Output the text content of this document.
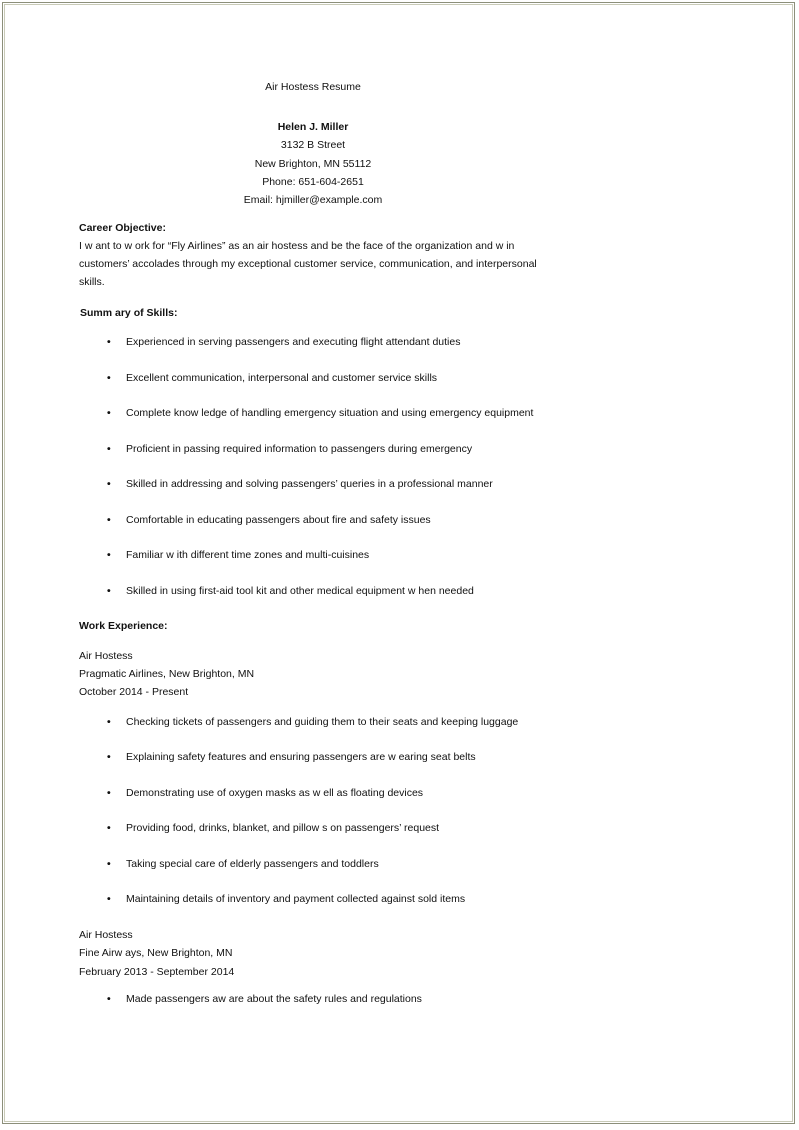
Air Hostess Resume
Helen J. Miller
3132 B Street
New Brighton, MN 55112
Phone: 651-604-2651
Email: hjmiller@example.com
Career Objective:
I w ant to w ork for “Fly Airlines” as an air hostess and be the face of the organization and w in customers’ accolades through my exceptional customer service, communication, and interpersonal skills.
Summ ary of Skills:
• Experienced in serving passengers and executing flight attendant duties
• Excellent communication, interpersonal and customer service skills
• Complete know ledge of handling emergency situation and using emergency equipment
• Proficient in passing required information to passengers during emergency
• Skilled in addressing and solving passengers’ queries in a professional manner
• Comfortable in educating passengers about fire and safety issues
• Familiar w ith different time zones and multi-cuisines
• Skilled in using first-aid tool kit and other medical equipment w hen needed
Work Experience:
Air Hostess
Pragmatic Airlines, New Brighton, MN
October 2014 - Present
• Checking tickets of passengers and guiding them to their seats and keeping luggage
• Explaining safety features and ensuring passengers are w earing seat belts
• Demonstrating use of oxygen masks as w ell as floating devices
• Providing food, drinks, blanket, and pillow s on passengers’ request
• Taking special care of elderly passengers and toddlers
• Maintaining details of inventory and payment collected against sold items
Air Hostess
Fine Airw ays, New Brighton, MN
February 2013 - September 2014
• Made passengers aw are about the safety rules and regulations
